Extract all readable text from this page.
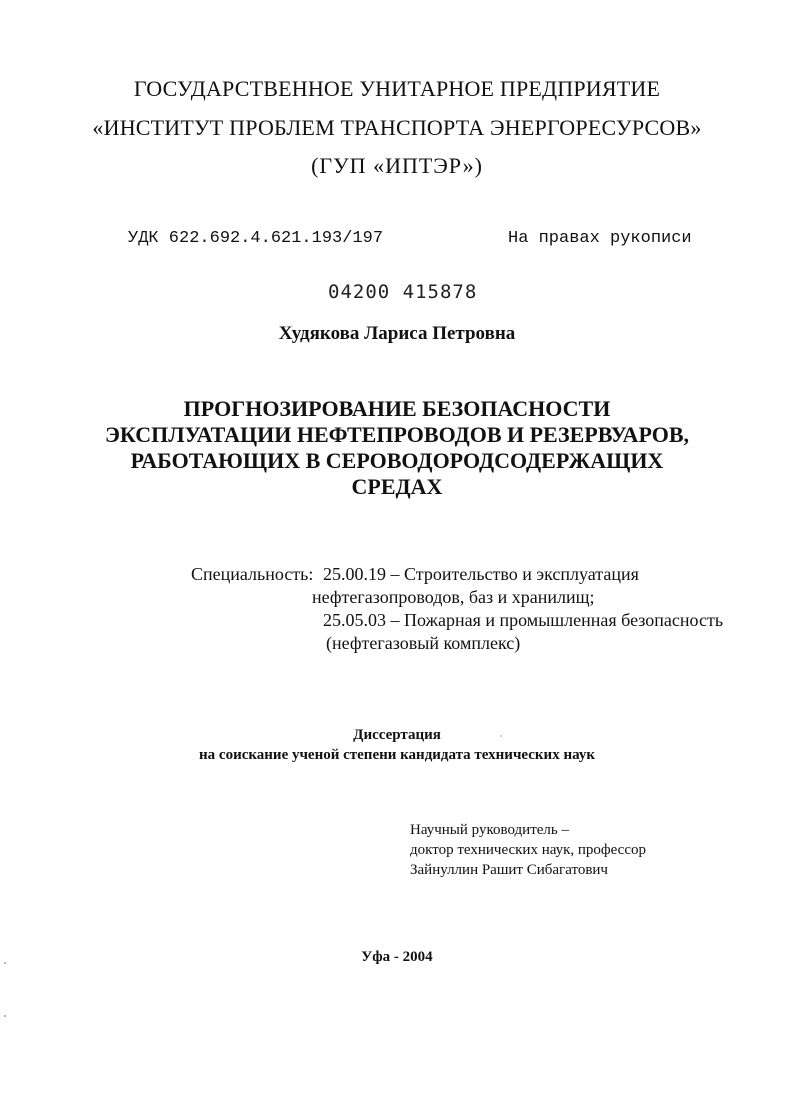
ГОСУДАРСТВЕННОЕ УНИТАРНОЕ ПРЕДПРИЯТИЕ
«ИНСТИТУТ ПРОБЛЕМ ТРАНСПОРТА ЭНЕРГОРЕСУРСОВ»
(ГУП «ИПТЭР»)
УДК 622.692.4.621.193/197	На правах рукописи
04200 415878
Худякова Лариса Петровна
ПРОГНОЗИРОВАНИЕ БЕЗОПАСНОСТИ
ЭКСПЛУАТАЦИИ НЕФТЕПРОВОДОВ И РЕЗЕРВУАРОВ,
РАБОТАЮЩИХ В СЕРОВОДОРОДСОДЕРЖАЩИХ
СРЕДАХ
Специальность: 25.00.19 – Строительство и эксплуатация
нефтегазопроводов, баз и хранилищ;
25.05.03 – Пожарная и промышленная безопасность
(нефтегазовый комплекс)
Диссертация
на соискание ученой степени кандидата технических наук
Научный руководитель –
доктор технических наук, профессор
Зайнуллин Рашит Сибагатович
Уфа - 2004
